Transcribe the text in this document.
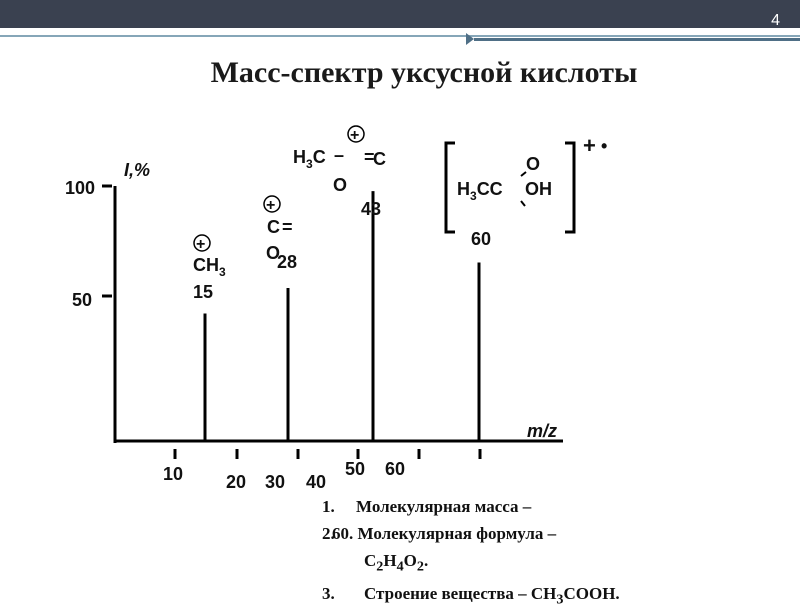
4
Масс-спектр уксусной кислоты
I,%
m/z
100
50
10 20 30 40
50 60
15
28
43
60
+
$CH_3$
+
C =
O
+
$H_3C$ – =
C
O	$H_3CC$
O
OH
+ •
1. Молекулярная масса –
2.60. Молекулярная формула –
$C_2H_4O_2$.
3. Строение вещества – $CH_3COOH$.
